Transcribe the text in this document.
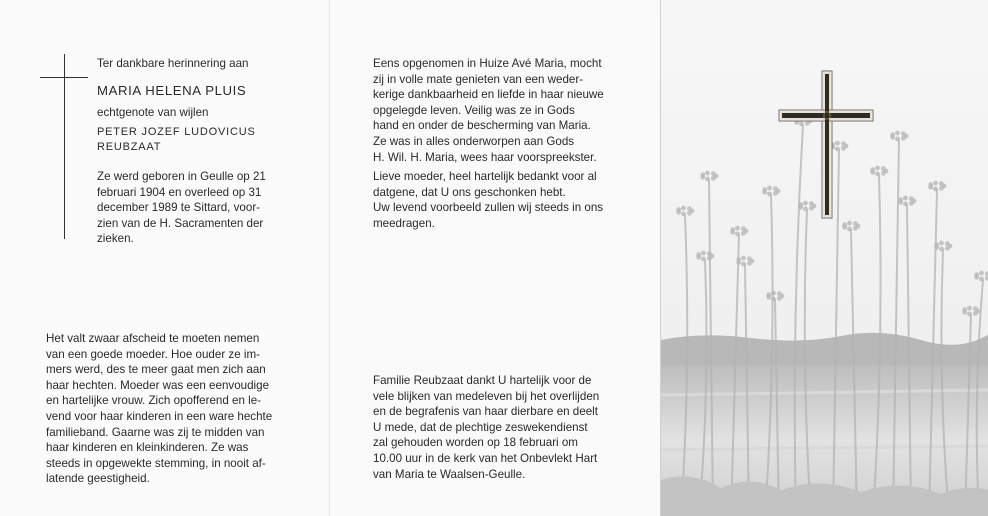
Ter dankbare herinnering aan
MARIA HELENA PLUIS
echtgenote van wijlen
PETER JOZEF LUDOVICUS
REUBZAAT

Ze werd geboren in Geulle op 21

februari 1904 en overleed op 31

december 1989 te Sittard, voor-

zien van de H. Sacramenten der

zieken.

Het valt zwaar afscheid te moeten nemen

van een goede moeder. Hoe ouder ze im-

mers werd, des te meer gaat men zich aan

haar hechten. Moeder was een eenvoudige

en hartelijke vrouw. Zich opofferend en le-

vend voor haar kinderen in een ware hechte

familieband. Gaarne was zij te midden van

haar kinderen en kleinkinderen. Ze was

steeds in opgewekte stemming, in nooit af-

latende geestigheid.

Eens opgenomen in Huize Avé Maria, mocht

zij in volle mate genieten van een weder-

kerige dankbaarheid en liefde in haar nieuwe

opgelegde leven. Veilig was ze in Gods

hand en onder de bescherming van Maria.

Ze was in alles onderworpen aan Gods

H. Wil. H. Maria, wees haar voorspreekster.

Lieve moeder, heel hartelijk bedankt voor al

datgene, dat U ons geschonken hebt.

Uw levend voorbeeld zullen wij steeds in ons

meedragen.

Familie Reubzaat dankt U hartelijk voor de

vele blijken van medeleven bij het overlijden

en de begrafenis van haar dierbare en deelt

U mede, dat de plechtige zeswekendienst

zal gehouden worden op 18 februari om

10.00 uur in de kerk van het Onbevlekt Hart

van Maria te Waalsen-Geulle.
